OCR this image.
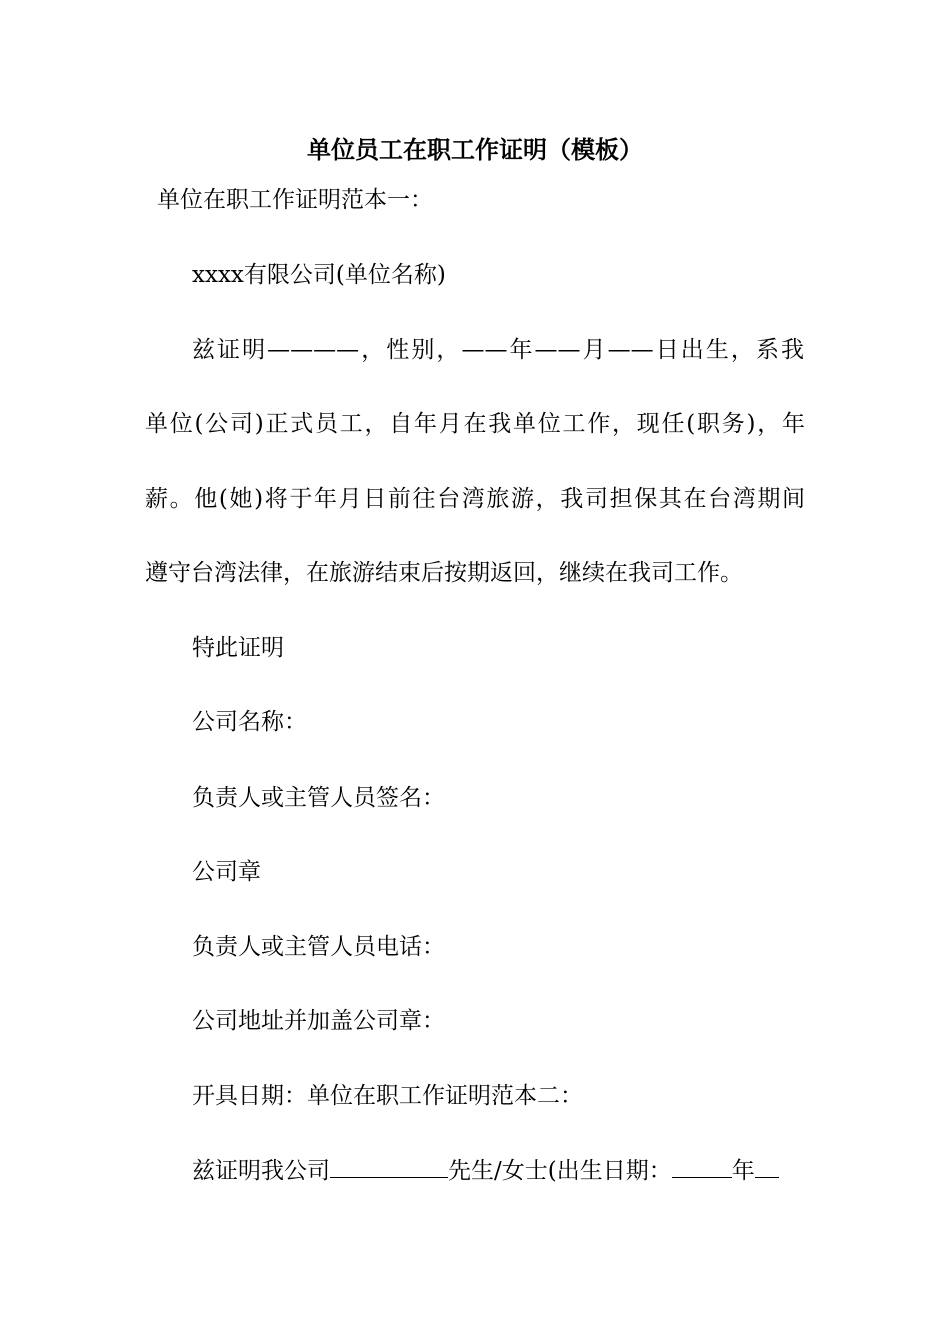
单位员工在职工作证明（模板）
单位在职工作证明范本一：
xxxx有限公司(单位名称)
兹证明————，性别，——年——月——日出生，系我
单位(公司)正式员工，自年月在我单位工作，现任(职务)，年
薪。他(她)将于年月日前往台湾旅游，我司担保其在台湾期间
遵守台湾法律，在旅游结束后按期返回，继续在我司工作。
特此证明
公司名称：
负责人或主管人员签名：
公司章
负责人或主管人员电话：
公司地址并加盖公司章：
开具日期：单位在职工作证明范本二：
兹证明我公司	先生/女士(出生日期：	年
